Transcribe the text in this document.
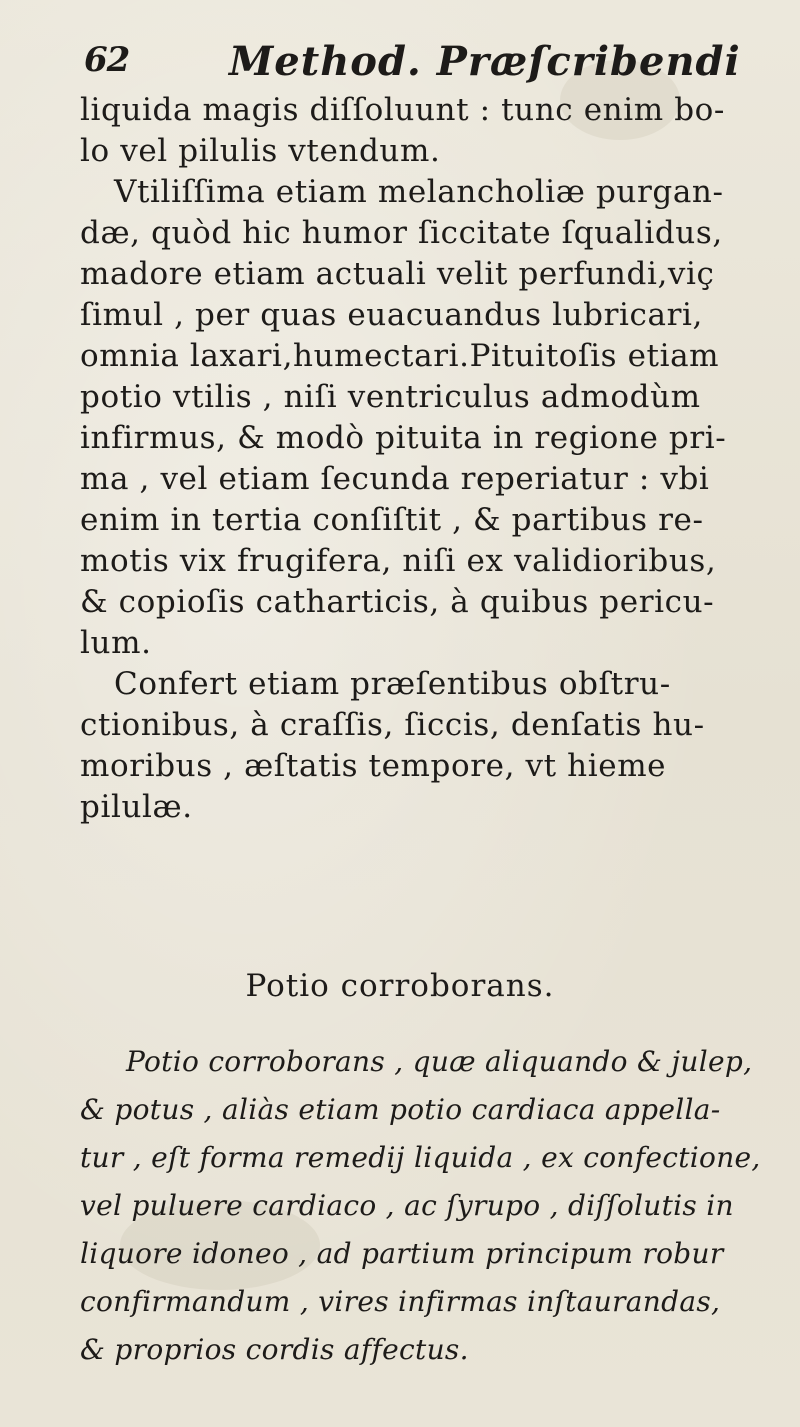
62 Method. Præſcribendi
liquida magis diſſoluunt : tunc enim bo-
lo vel pilulis vtendum.
Vtiliſſima etiam melancholiæ purgan-
dæ, quòd hic humor ſiccitate ſqualidus,
madore etiam actuali velit perfundi,viç
ſimul , per quas euacuandus lubricari,
omnia laxari,humectari.Pituitoſis etiam
potio vtilis , niſi ventriculus admodùm
infirmus, & modò pituita in regione pri-
ma , vel etiam ſecunda reperiatur : vbi
enim in tertia conſiſtit , & partibus re-
motis vix frugifera, niſi ex validioribus,
& copioſis catharticis, à quibus pericu-
lum.
Confert etiam præſentibus obſtru-
ctionibus, à craſſis, ſiccis, denſatis hu-
moribus , æſtatis tempore, vt hieme
pilulæ.
Potio corroborans.
Potio corroborans , quæ aliquando & julep,
& potus , aliàs etiam potio cardiaca appella-
tur , eſt forma remedij liquida , ex confectione,
vel puluere cardiaco , ac ſyrupo , diſſolutis in
liquore idoneo , ad partium principum robur
confirmandum , vires infirmas inſtaurandas,
& proprios cordis affectus.
